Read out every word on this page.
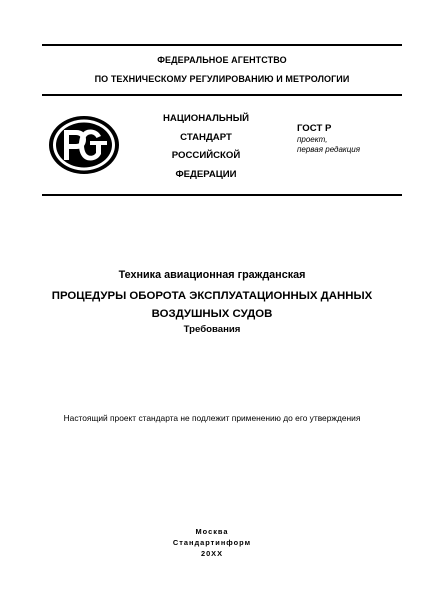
ФЕДЕРАЛЬНОЕ АГЕНТСТВО
ПО ТЕХНИЧЕСКОМУ РЕГУЛИРОВАНИЮ И МЕТРОЛОГИИ
НАЦИОНАЛЬНЫЙ
СТАНДАРТ
РОССИЙСКОЙ
ФЕДЕРАЦИИ
ГОСТ Р
проект,
первая редакция
Техника авиационная гражданская
ПРОЦЕДУРЫ ОБОРОТА ЭКСПЛУАТАЦИОННЫХ ДАННЫХ
ВОЗДУШНЫХ СУДОВ
Требования
Настоящий проект стандарта не подлежит применению до его утверждения
Москва
Стандартинформ
20ХХ
